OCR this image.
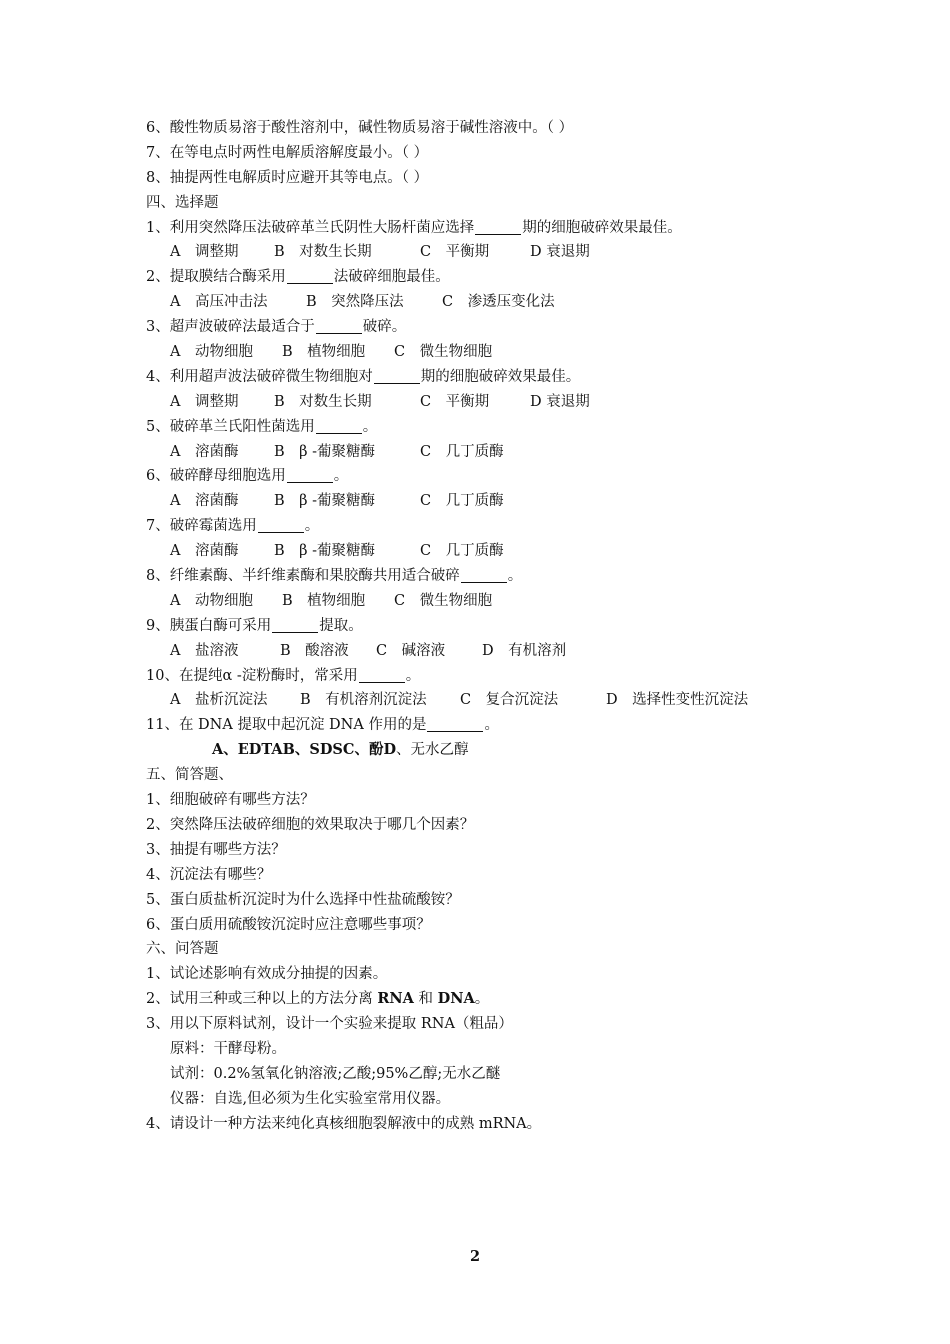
6、酸性物质易溶于酸性溶剂中，碱性物质易溶于碱性溶液中。（ ）
7、在等电点时两性电解质溶解度最小。（ ）
8、抽提两性电解质时应避开其等电点。（ ）
四、选择题
1、利用突然降压法破碎革兰氏阴性大肠杆菌应选择	期的细胞破碎效果最佳。
A　调整期 B　对数生长期	C　平衡期	D 衰退期
2、提取膜结合酶采用	法破碎细胞最佳。
A　高压冲击法	B　突然降压法	C　渗透压变化法
3、超声波破碎法最适合于	破碎。
A　动物细胞 B　植物细胞 C　微生物细胞
4、利用超声波法破碎微生物细胞对	期的细胞破碎效果最佳。
A　调整期 B　对数生长期	C　平衡期	D 衰退期
5、破碎革兰氏阳性菌选用	。
A　溶菌酶 B　β -葡聚糖酶	C　几丁质酶
6、破碎酵母细胞选用	。
A　溶菌酶 B　β -葡聚糖酶	C　几丁质酶
7、破碎霉菌选用	。
A　溶菌酶 B　β -葡聚糖酶	C　几丁质酶
8、纤维素酶、半纤维素酶和果胶酶共用适合破碎	。
A　动物细胞 B　植物细胞 C　微生物细胞
9、胰蛋白酶可采用	提取。
A　盐溶液	B　酸溶液 C　碱溶液	D　有机溶剂
10、在提纯α -淀粉酶时，常采用	。
A　盐析沉淀法 B　有机溶剂沉淀法 C　复合沉淀法	D　选择性变性沉淀法
11、在 DNA 提取中起沉淀 DNA 作用的是	。
A、EDTAB、SDSC、酚D、无水乙醇
五、简答题、
1、细胞破碎有哪些方法？
2、突然降压法破碎细胞的效果取决于哪几个因素？
3、抽提有哪些方法？
4、沉淀法有哪些？
5、蛋白质盐析沉淀时为什么选择中性盐硫酸铵？
6、蛋白质用硫酸铵沉淀时应注意哪些事项？
六、问答题
1、试论述影响有效成分抽提的因素。
2、试用三种或三种以上的方法分离 RNA 和 DNA。
3、用以下原料试剂，设计一个实验来提取 RNA（粗品）
原料：干酵母粉。
试剂：0.2%氢氧化钠溶液;乙酸;95%乙醇;无水乙醚
仪器：自选,但必须为生化实验室常用仪器。
4、请设计一种方法来纯化真核细胞裂解液中的成熟 mRNA。
2
